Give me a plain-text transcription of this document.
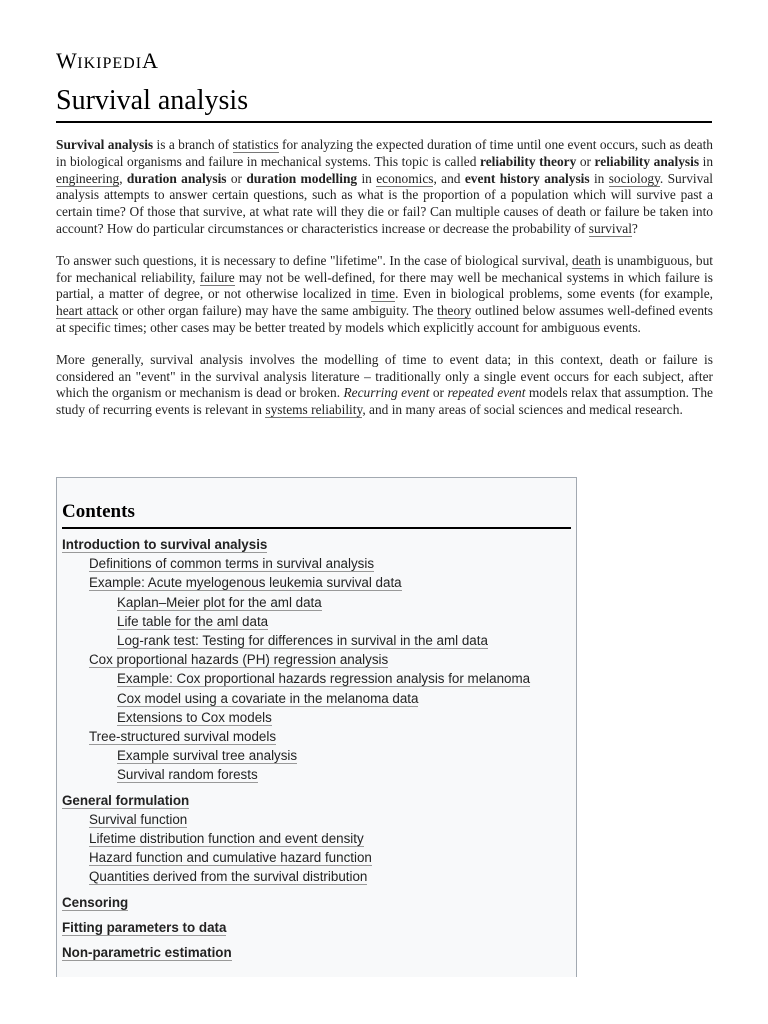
WIKIPEDIA
Survival analysis

Survival analysis is a branch of statistics for analyzing the expected duration of time until one event occurs, such as death in biological organisms and failure in mechanical systems. This topic is called reliability theory or reliability analysis in engineering, duration analysis or duration modelling in economics, and event history analysis in sociology. Survival analysis attempts to answer certain questions, such as what is the proportion of a population which will survive past a certain time? Of those that survive, at what rate will they die or fail? Can multiple causes of death or failure be taken into account? How do particular circumstances or characteristics increase or decrease the probability of survival?

To answer such questions, it is necessary to define "lifetime". In the case of biological survival, death is unambiguous, but for mechanical reliability, failure may not be well-defined, for there may well be mechanical systems in which failure is partial, a matter of degree, or not otherwise localized in time. Even in biological problems, some events (for example, heart attack or other organ failure) may have the same ambiguity. The theory outlined below assumes well-defined events at specific times; other cases may be better treated by models which explicitly account for ambiguous events.

More generally, survival analysis involves the modelling of time to event data; in this context, death or failure is considered an "event" in the survival analysis literature – traditionally only a single event occurs for each subject, after which the organism or mechanism is dead or broken. Recurring event or repeated event models relax that assumption. The study of recurring events is relevant in systems reliability, and in many areas of social sciences and medical research.

Contents
Introduction to survival analysis
Definitions of common terms in survival analysis
Example: Acute myelogenous leukemia survival data
Kaplan–Meier plot for the aml data
Life table for the aml data
Log-rank test: Testing for differences in survival in the aml data
Cox proportional hazards (PH) regression analysis
Example: Cox proportional hazards regression analysis for melanoma
Cox model using a covariate in the melanoma data
Extensions to Cox models
Tree-structured survival models
Example survival tree analysis
Survival random forests
General formulation
Survival function
Lifetime distribution function and event density
Hazard function and cumulative hazard function
Quantities derived from the survival distribution
Censoring
Fitting parameters to data
Non-parametric estimation
